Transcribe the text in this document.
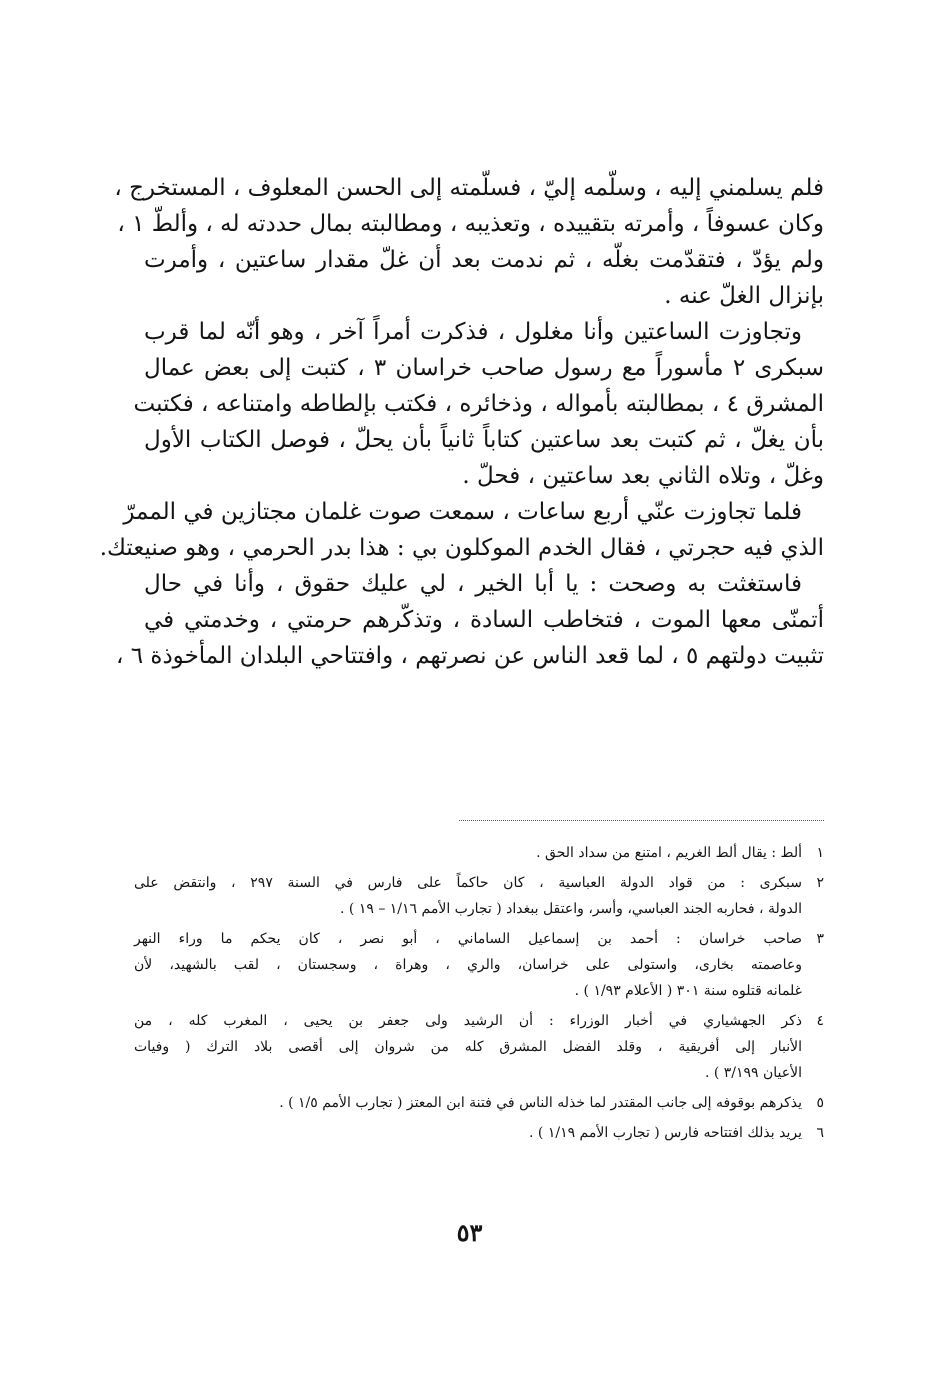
فلم يسلمني إليه ، وسلّمه إليّ ، فسلّمته إلى الحسن المعلوف ، المستخرج ،
وكان عسوفاً ، وأمرته بتقييده ، وتعذيبه ، ومطالبته بمال حددته له ، وألطّ ١ ،
ولم يؤدّ ، فتقدّمت بغلّه ، ثم ندمت بعد أن غلّ مقدار ساعتين ، وأمرت
بإنزال الغلّ عنه .
وتجاوزت الساعتين وأنا مغلول ، فذكرت أمراً آخر ، وهو أنّه لما قرب
سبكرى ٢ مأسوراً مع رسول صاحب خراسان ٣ ، كتبت إلى بعض عمال
المشرق ٤ ، بمطالبته بأمواله ، وذخائره ، فكتب بإلطاطه وامتناعه ، فكتبت
بأن يغلّ ، ثم كتبت بعد ساعتين كتاباً ثانياً بأن يحلّ ، فوصل الكتاب الأول
وغلّ ، وتلاه الثاني بعد ساعتين ، فحلّ .
فلما تجاوزت عنّي أربع ساعات ، سمعت صوت غلمان مجتازين في الممرّ
الذي فيه حجرتي ، فقال الخدم الموكلون بي : هذا بدر الحرمي ، وهو صنيعتك.
فاستغثت به وصحت : يا أبا الخير ، لي عليك حقوق ، وأنا في حال
أتمنّى معها الموت ، فتخاطب السادة ، وتذكّرهم حرمتي ، وخدمتي في
تثبيت دولتهم ٥ ، لما قعد الناس عن نصرتهم ، وافتتاحي البلدان المأخوذة ٦ ،
١
ألط : يقال ألط الغريم ، امتنع من سداد الحق .
٢
سبكرى : من قواد الدولة العباسية ، كان حاكماً على فارس في السنة ٢٩٧ ، وانتقض على
الدولة ، فحاربه الجند العباسي، وأسر، واعتقل ببغداد ( تجارب الأمم ١/١٦ – ١٩ ) .
٣
صاحب خراسان : أحمد بن إسماعيل الساماني ، أبو نصر ، كان يحكم ما وراء النهر
وعاصمته بخارى، واستولى على خراسان، والري ، وهراة ، وسجستان ، لقب بالشهيد، لأن
غلمانه قتلوه سنة ٣٠١ ( الأعلام ١/٩٣ ) .
٤
ذكر الجهشياري في أخبار الوزراء : أن الرشيد ولى جعفر بن يحيى ، المغرب كله ، من
الأنبار إلى أفريقية ، وقلد الفضل المشرق كله من شروان إلى أقصى بلاد الترك ( وفيات
الأعيان ٣/١٩٩ ) .
٥
يذكرهم بوقوفه إلى جانب المقتدر لما خذله الناس في فتنة ابن المعتز ( تجارب الأمم ١/٥ ) .
٦
يريد بذلك افتتاحه فارس ( تجارب الأمم ١/١٩ ) .
٥٣
